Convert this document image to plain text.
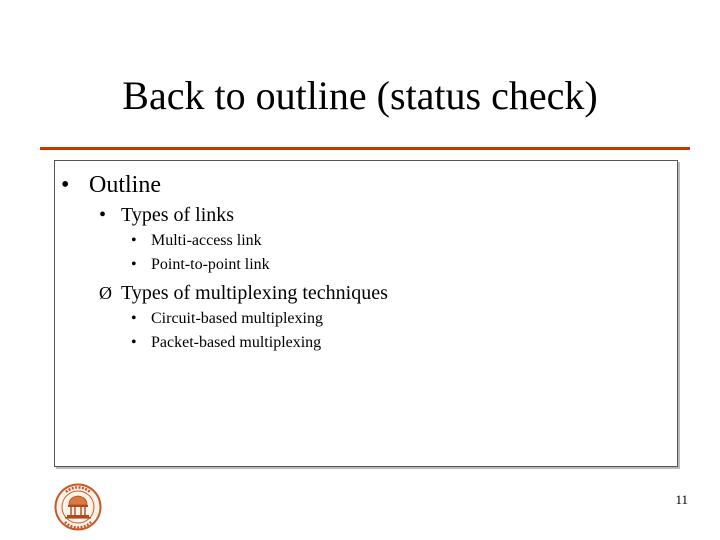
Back to outline (status check)
• Outline
• Types of links
• Multi-access link
• Point-to-point link
Ø Types of multiplexing techniques
• Circuit-based multiplexing
• Packet-based multiplexing
11
